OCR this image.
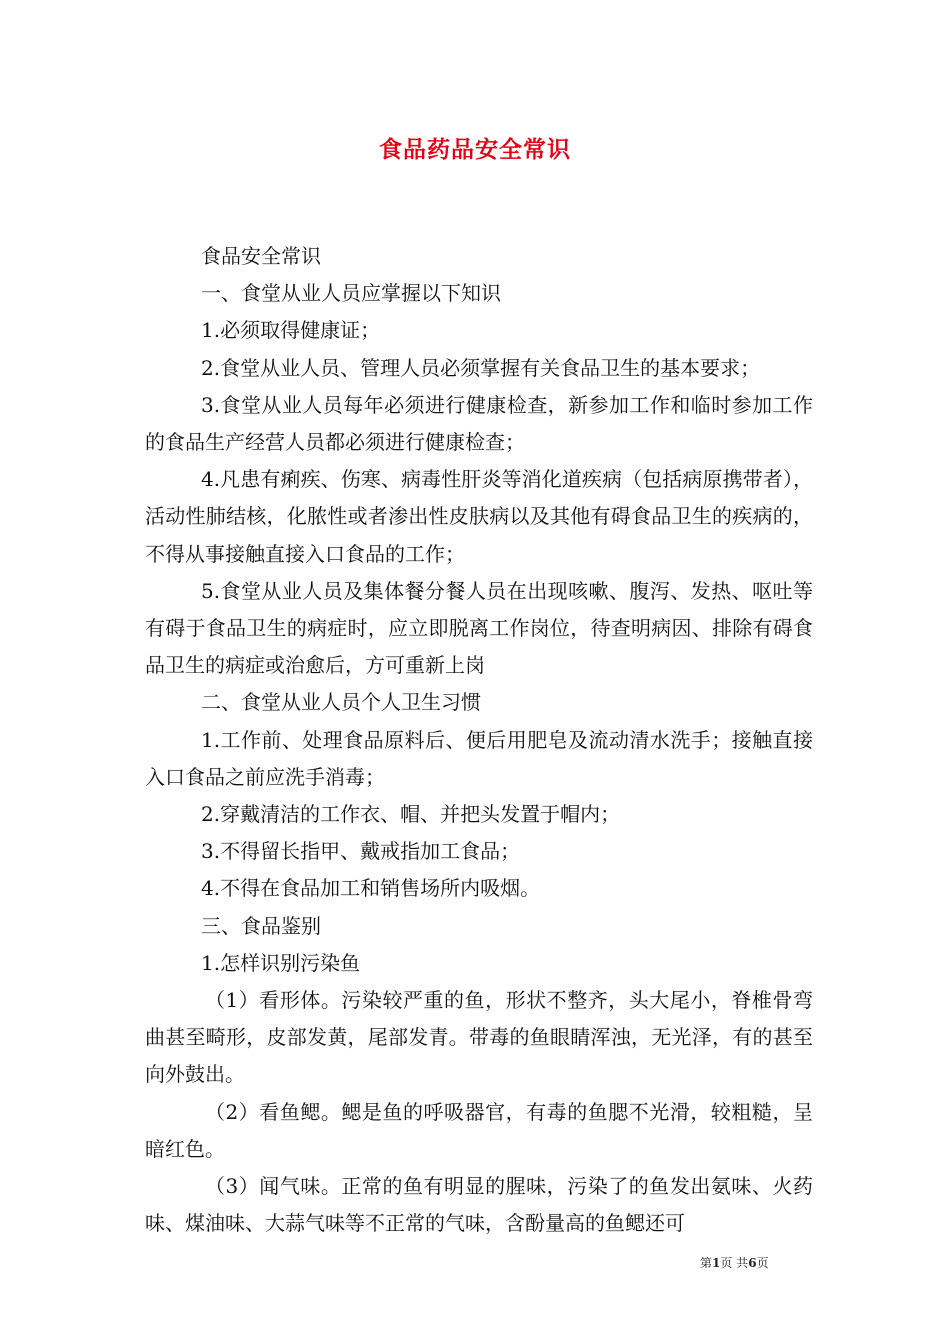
食品药品安全常识

食品安全常识

一、食堂从业人员应掌握以下知识

1.必须取得健康证；

2.食堂从业人员、管理人员必须掌握有关食品卫生的基本要求；

3.食堂从业人员每年必须进行健康检查，新参加工作和临时参加工作的食品生产经营人员都必须进行健康检查；

4.凡患有痢疾、伤寒、病毒性肝炎等消化道疾病（包括病原携带者），活动性肺结核，化脓性或者渗出性皮肤病以及其他有碍食品卫生的疾病的，不得从事接触直接入口食品的工作；

5.食堂从业人员及集体餐分餐人员在出现咳嗽、腹泻、发热、呕吐等有碍于食品卫生的病症时，应立即脱离工作岗位，待查明病因、排除有碍食品卫生的病症或治愈后，方可重新上岗

二、食堂从业人员个人卫生习惯

1.工作前、处理食品原料后、便后用肥皂及流动清水洗手；接触直接入口食品之前应洗手消毒；

2.穿戴清洁的工作衣、帽、并把头发置于帽内；

3.不得留长指甲、戴戒指加工食品；

4.不得在食品加工和销售场所内吸烟。

三、食品鉴别

1.怎样识别污染鱼

（1）看形体。污染较严重的鱼，形状不整齐，头大尾小，脊椎骨弯曲甚至畸形，皮部发黄，尾部发青。带毒的鱼眼睛浑浊，无光泽，有的甚至向外鼓出。

（2）看鱼鳃。鳃是鱼的呼吸器官，有毒的鱼腮不光滑，较粗糙，呈暗红色。

（3）闻气味。正常的鱼有明显的腥味，污染了的鱼发出氨味、火药味、煤油味、大蒜气味等不正常的气味，含酚量高的鱼鳃还可

第1页 共6页
